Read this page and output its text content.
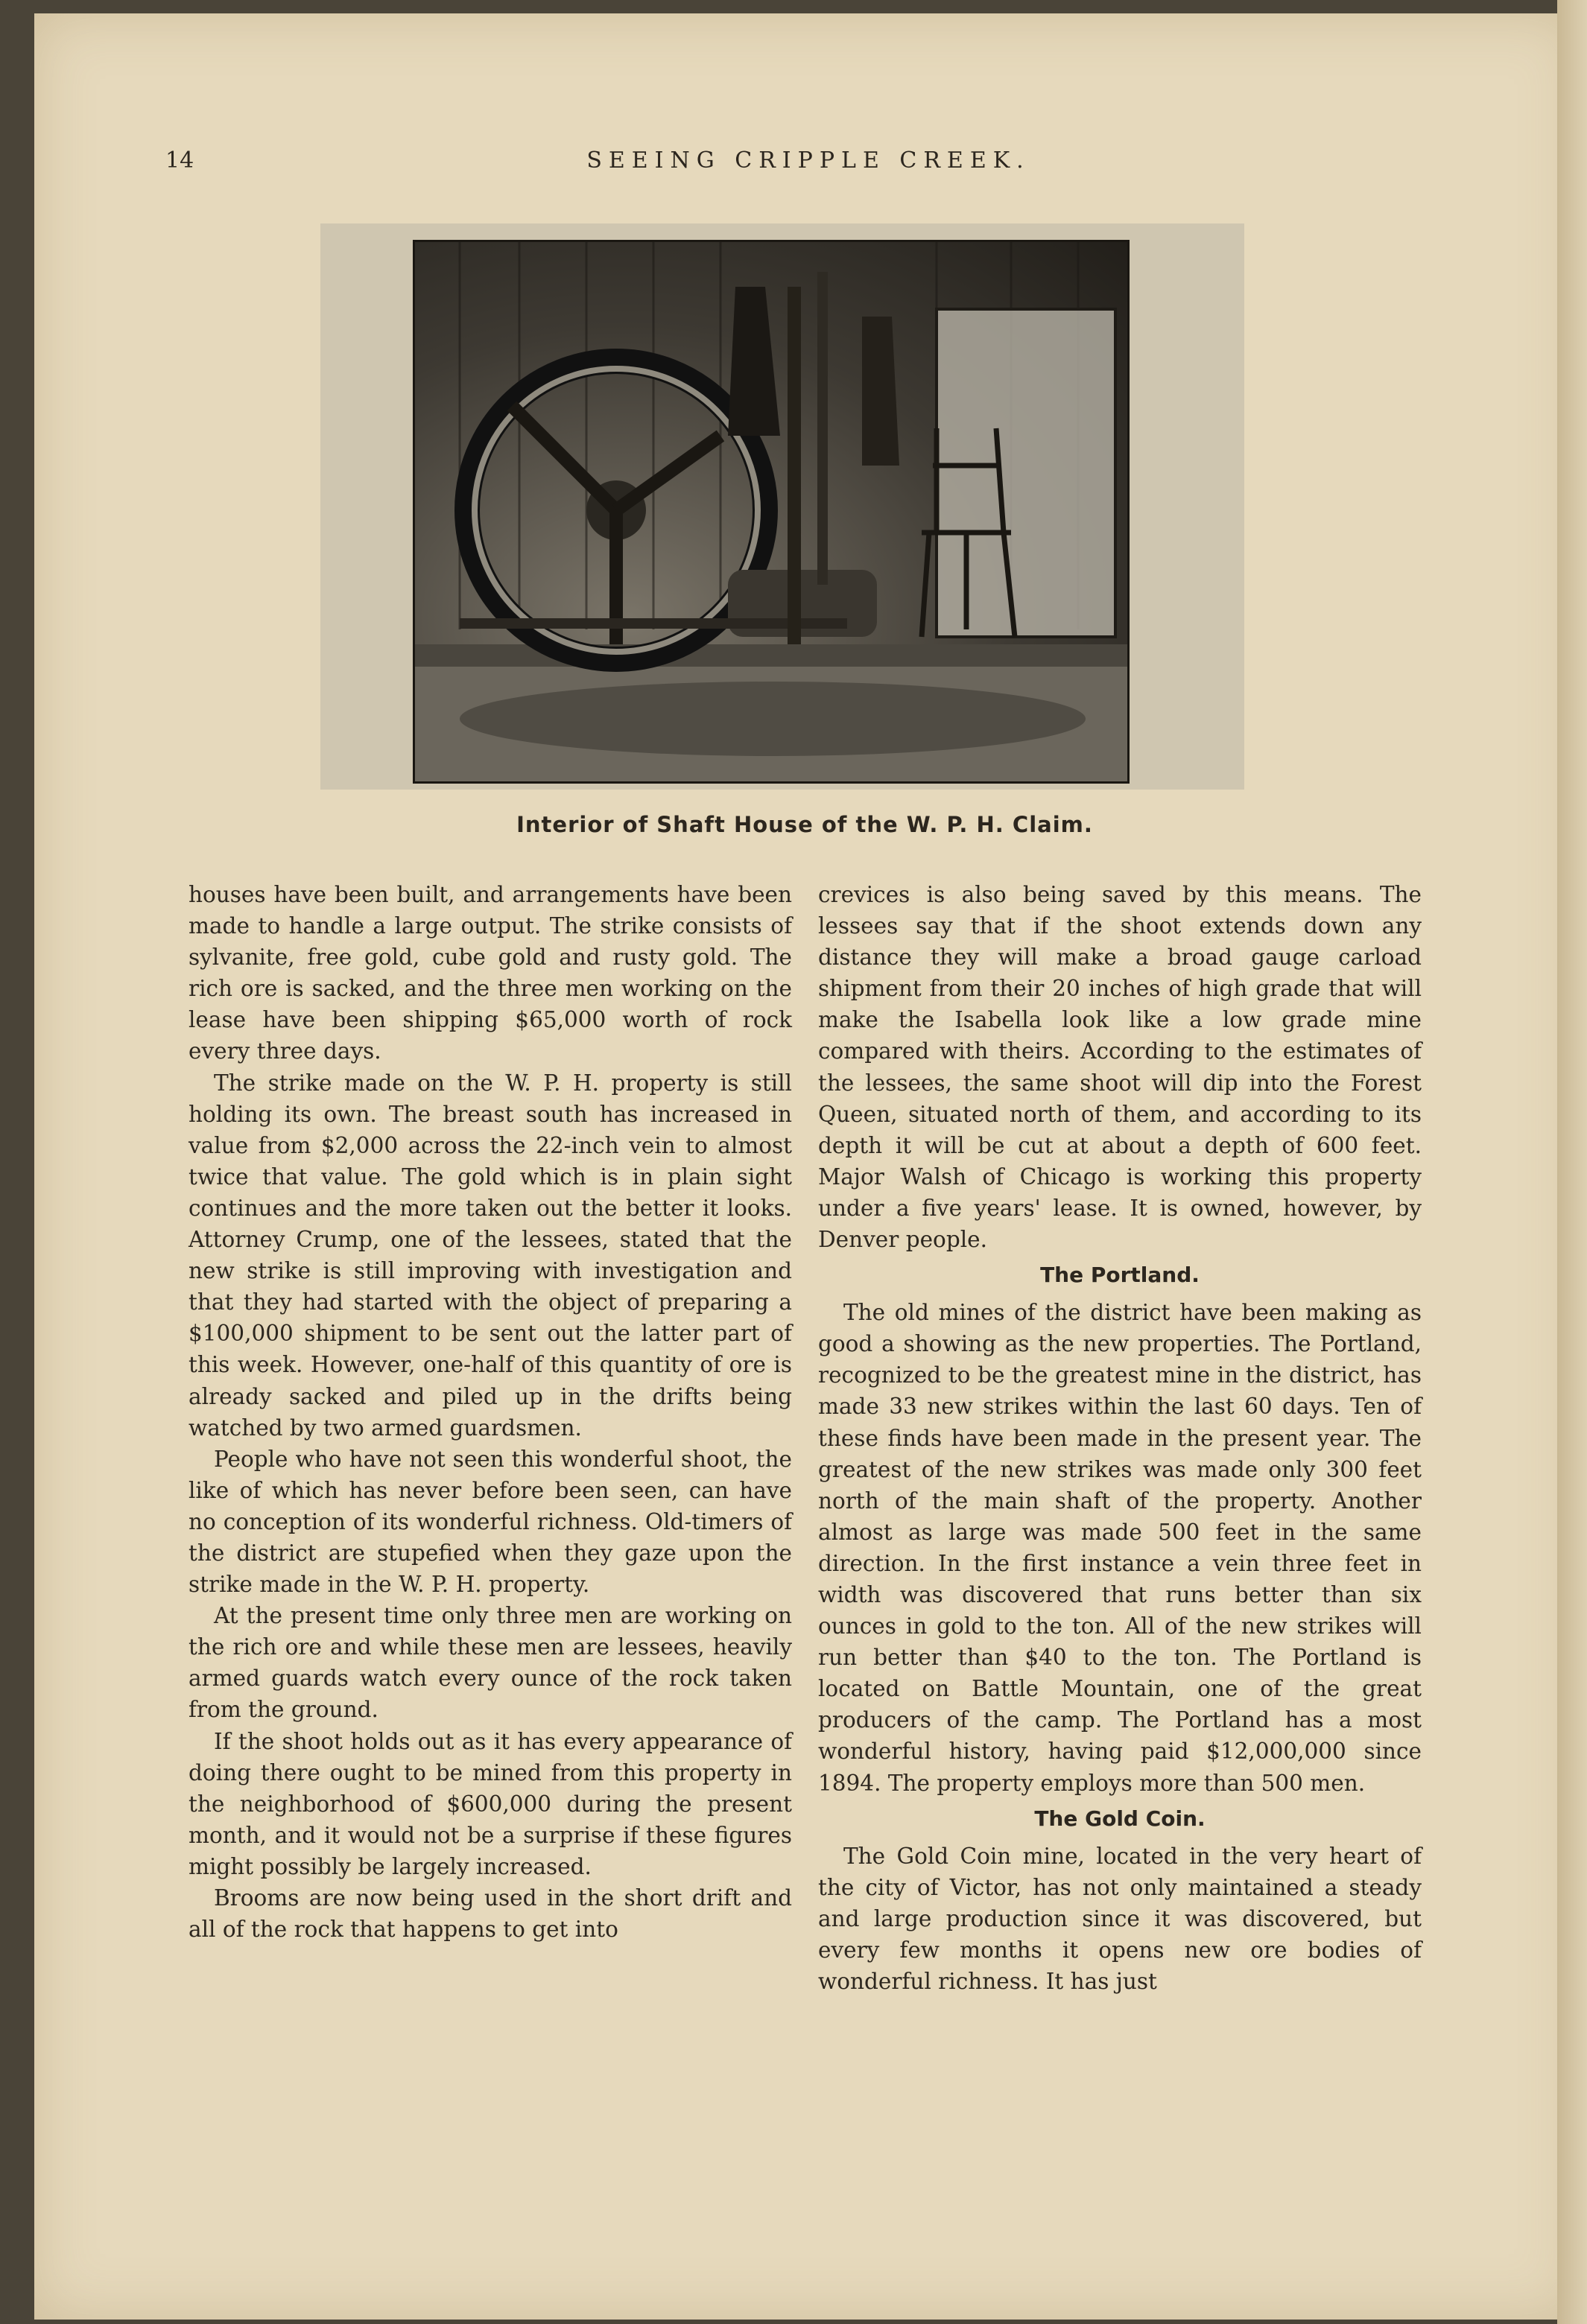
14	SEEING CRIPPLE CREEK.
Interior of Shaft House of the W. P. H. Claim.

houses have been built, and arrangements have been made to handle a large output. The strike consists of sylvanite, free gold, cube gold and rusty gold. The rich ore is sacked, and the three men working on the lease have been shipping $65,000 worth of rock every three days.

The strike made on the W. P. H. property is still holding its own. The breast south has increased in value from $2,000 across the 22-inch vein to almost twice that value. The gold which is in plain sight continues and the more taken out the better it looks. Attorney Crump, one of the lessees, stated that the new strike is still improving with investigation and that they had started with the object of preparing a $100,000 shipment to be sent out the latter part of this week. However, one-half of this quantity of ore is already sacked and piled up in the drifts being watched by two armed guardsmen.

People who have not seen this wonderful shoot, the like of which has never before been seen, can have no conception of its wonderful richness. Old-timers of the district are stupefied when they gaze upon the strike made in the W. P. H. property.

At the present time only three men are working on the rich ore and while these men are lessees, heavily armed guards watch every ounce of the rock taken from the ground.

If the shoot holds out as it has every appearance of doing there ought to be mined from this property in the neighborhood of $600,000 during the present month, and it would not be a surprise if these figures might possibly be largely increased.

Brooms are now being used in the short drift and all of the rock that happens to get into

crevices is also being saved by this means. The lessees say that if the shoot extends down any distance they will make a broad gauge carload shipment from their 20 inches of high grade that will make the Isabella look like a low grade mine compared with theirs. According to the estimates of the lessees, the same shoot will dip into the Forest Queen, situated north of them, and according to its depth it will be cut at about a depth of 600 feet. Major Walsh of Chicago is working this property under a five years' lease. It is owned, however, by Denver people.

The Portland.

The old mines of the district have been making as good a showing as the new properties. The Portland, recognized to be the greatest mine in the district, has made 33 new strikes within the last 60 days. Ten of these finds have been made in the present year. The greatest of the new strikes was made only 300 feet north of the main shaft of the property. Another almost as large was made 500 feet in the same direction. In the first instance a vein three feet in width was discovered that runs better than six ounces in gold to the ton. All of the new strikes will run better than $40 to the ton. The Portland is located on Battle Mountain, one of the great producers of the camp. The Portland has a most wonderful history, having paid $12,000,000 since 1894. The property employs more than 500 men.

The Gold Coin.

The Gold Coin mine, located in the very heart of the city of Victor, has not only maintained a steady and large production since it was discovered, but every few months it opens new ore bodies of wonderful richness. It has just
